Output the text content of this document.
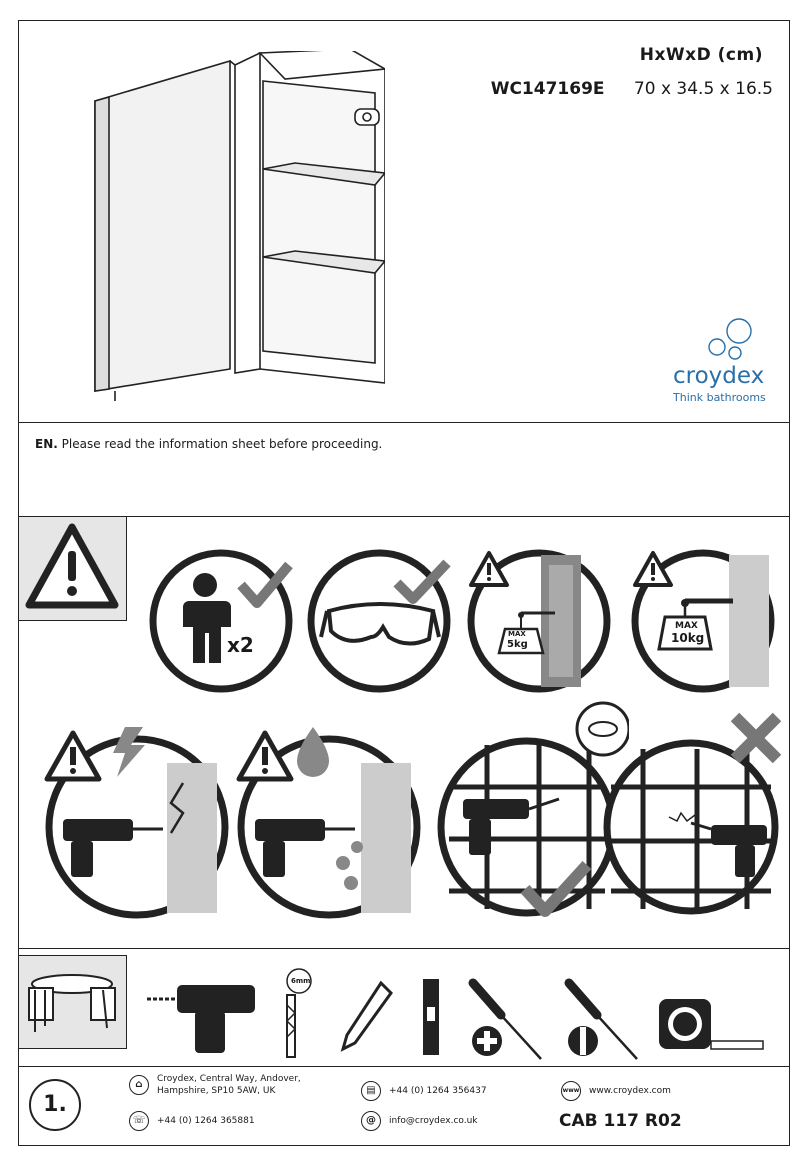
HxWxD (cm)
WC147169E 70 x 34.5 x 16.5
croydex
Think bathrooms
EN. Please read the information sheet before proceeding.
x2	MAX
5kg
MAX
10kg
6mm
1.
⌂	Croydex, Central Way, Andover,
Hampshire, SP10 5AW, UK
☏	+44 (0) 1264 365881
▤	+44 (0) 1264 356437
@	info@croydex.co.uk
www www.croydex.com
CAB 117 R02
